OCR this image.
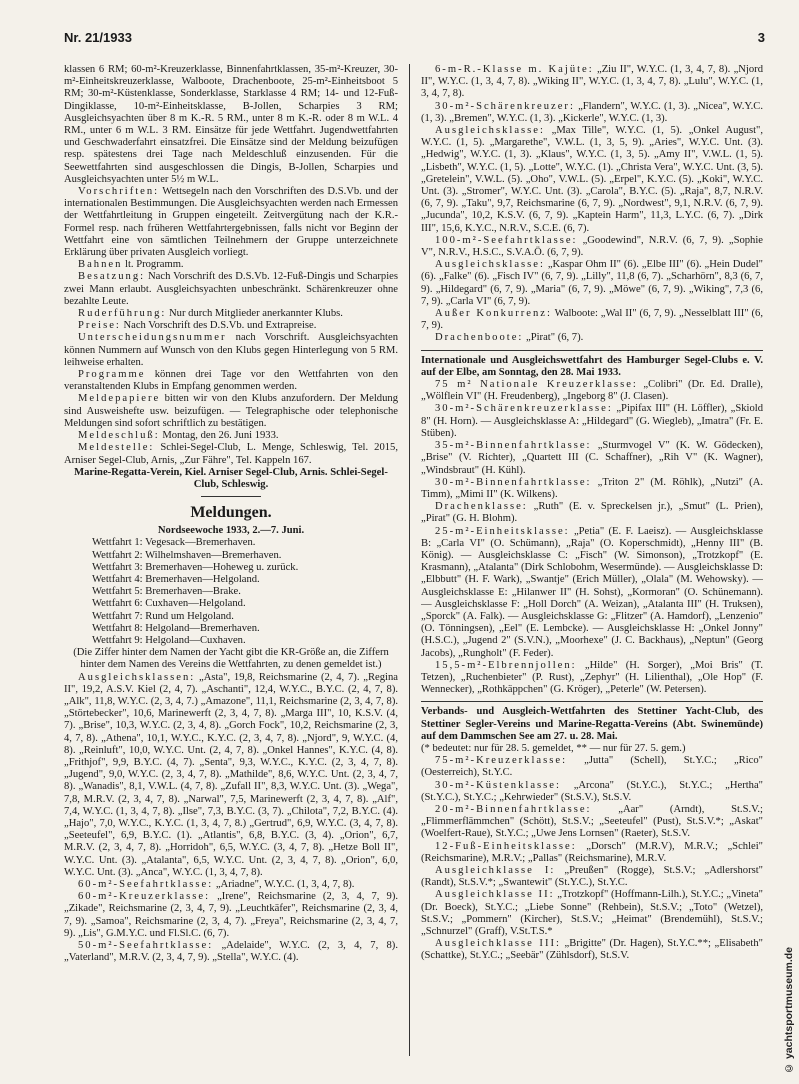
Nr. 21/1933	3

klassen 6 RM; 60-m²-Kreuzerklasse, Binnenfahrtklassen, 35-m²-Kreuzer, 30-m²-Einheitskreuzerklasse, Walboote, Drachenboote, 25-m²-Einheitsboot 5 RM; 30-m²-Küstenklasse, Sonderklasse, Starklasse 4 RM; 14- und 12-Fuß-Dingiklasse, 10-m²-Einheitsklasse, B-Jollen, Scharpies 3 RM; Ausgleichsyachten über 8 m K.-R. 5 RM., unter 8 m K.-R. oder 8 m W.L. 4 RM., unter 6 m W.L. 3 RM. Einsätze für jede Wettfahrt. Jugendwettfahrten und Geschwaderfahrt einsatzfrei. Die Einsätze sind der Meldung beizufügen resp. spätestens drei Tage nach Meldeschluß einzusenden. Für die Seewettfahrten sind ausgeschlossen die Dingis, B-Jollen, Scharpies und Ausgleichsyachten unter 5½ m W.L.

Vorschriften: Wettsegeln nach den Vorschriften des D.S.Vb. und der internationalen Bestimmungen. Die Ausgleichsyachten werden nach Ermessen der Wettfahrtleitung in Gruppen eingeteilt. Zeitvergütung nach der K.R.-Formel resp. nach früheren Wettfahrtergebnissen, falls nicht vor Beginn der Wettfahrt eine von sämtlichen Teilnehmern der Gruppe unterzeichnete Erklärung über privaten Ausgleich vorliegt.

Bahnen lt. Programm.

Besatzung: Nach Vorschrift des D.S.Vb. 12-Fuß-Dingis und Scharpies zwei Mann erlaubt. Ausgleichsyachten unbeschränkt. Schärenkreuzer ohne bezahlte Leute.

Ruderführung: Nur durch Mitglieder anerkannter Klubs.

Preise: Nach Vorschrift des D.S.Vb. und Extrapreise.

Unterscheidungsnummer nach Vorschrift. Ausgleichsyachten können Nummern auf Wunsch von den Klubs gegen Hinterlegung von 5 RM. leihweise erhalten.

Programme können drei Tage vor den Wettfahrten von den veranstaltenden Klubs in Empfang genommen werden.

Meldepapiere bitten wir von den Klubs anzufordern. Der Meldung sind Ausweishefte usw. beizufügen. — Telegraphische oder telephonische Meldungen sind sofort schriftlich zu bestätigen.

Meldeschluß: Montag, den 26. Juni 1933.

Meldestelle: Schlei-Segel-Club, L. Menge, Schleswig, Tel. 2015, Arniser Segel-Club, Arnis, „Zur Fähre", Tel. Kappeln 167.

Marine-Regatta-Verein, Kiel. Arniser Segel-Club, Arnis. Schlei-Segel-Club, Schleswig.

Meldungen.

Nordseewoche 1933, 2.—7. Juni.

Wettfahrt 1: Vegesack—Bremerhaven.
Wettfahrt 2: Wilhelmshaven—Bremerhaven.
Wettfahrt 3: Bremerhaven—Hoheweg u. zurück.
Wettfahrt 4: Bremerhaven—Helgoland.
Wettfahrt 5: Bremerhaven—Brake.
Wettfahrt 6: Cuxhaven—Helgoland.
Wettfahrt 7: Rund um Helgoland.
Wettfahrt 8: Helgoland—Bremerhaven.
Wettfahrt 9: Helgoland—Cuxhaven.

(Die Ziffer hinter dem Namen der Yacht gibt die KR-Größe an, die Ziffern hinter dem Namen des Vereins die Wettfahrten, zu denen gemeldet ist.)

Ausgleichsklassen: „Asta", 19,8, Reichsmarine (2, 4, 7). „Regina II", 19,2, A.S.V. Kiel (2, 4, 7). „Aschanti", 12,4, W.Y.C., B.Y.C. (2, 4, 7, 8). „Alk", 11,8, W.Y.C. (2, 3, 4, 7.) „Amazone", 11,1, Reichsmarine (2, 3, 4, 7, 8). „Störtebecker", 10,6, Marinewerft (2, 3, 4, 7, 8). „Marga III", 10, K.S.V. (4, 7). „Brise", 10,3, W.Y.C. (2, 3, 4, 8). „Gorch Fock", 10,2, Reichsmarine (2, 3, 4, 7, 8). „Athena", 10,1, W.Y.C., K.Y.C. (2, 3, 4, 7, 8). „Njord", 9, W.Y.C. (4, 8). „Reinluft", 10,0, W.Y.C. Unt. (2, 4, 7, 8). „Onkel Hannes", K.Y.C. (4, 8). „Frithjof", 9,9, B.Y.C. (4, 7). „Senta", 9,3, W.Y.C., K.Y.C. (2, 3, 4, 7, 8). „Jugend", 9,0, W.Y.C. (2, 3, 4, 7, 8). „Mathilde", 8,6, W.Y.C. Unt. (2, 3, 4, 7, 8). „Wanadis", 8,1, V.W.L. (4, 7, 8). „Zufall II", 8,3, W.Y.C. Unt. (3). „Wega", 7,8, M.R.V. (2, 3, 4, 7, 8). „Narwal", 7,5, Marinewerft (2, 3, 4, 7, 8). „Alf", 7,4, W.Y.C. (1, 3, 4, 7, 8). „Ilse", 7,3, B.Y.C. (3, 7). „Chilota", 7,2, B.Y.C. (4). „Hajo", 7,0, W.Y.C., K.Y.C. (1, 3, 4, 7, 8.) „Gertrud", 6,9, W.Y.C. (3, 4, 7, 8). „Seeteufel", 6,9, B.Y.C. (1). „Atlantis", 6,8, B.Y.C. (3, 4). „Orion", 6,7, M.R.V. (2, 3, 4, 7, 8). „Horridoh", 6,5, W.Y.C. (3, 4, 7, 8). „Hetze Boll II", W.Y.C. Unt. (3). „Atalanta", 6,5, W.Y.C. Unt. (2, 3, 4, 7, 8). „Orion", 6,0, W.Y.C. Unt. (3). „Anca", W.Y.C. (1, 3, 4, 7, 8).

60-m²-Seefahrtklasse: „Ariadne", W.Y.C. (1, 3, 4, 7, 8).

60-m²-Kreuzerklasse: „Irene", Reichsmarine (2, 3, 4, 7, 9). „Zikade", Reichsmarine (2, 3, 4, 7, 9). „Leuchtkäfer", Reichsmarine (2, 3, 4, 7, 9). „Samoa", Reichsmarine (2, 3, 4, 7). „Freya", Reichsmarine (2, 3, 4, 7, 9). „Lis", G.M.Y.C. und Fl.Sl.C. (6, 7).

50-m²-Seefahrtklasse: „Adelaide", W.Y.C. (2, 3, 4, 7, 8). „Vaterland", M.R.V. (2, 3, 4, 7, 9). „Stella", W.Y.C. (4).

6-m-R.-Klasse m. Kajüte: „Ziu II", W.Y.C. (1, 3, 4, 7, 8). „Njord II", W.Y.C. (1, 3, 4, 7, 8). „Wiking II", W.Y.C. (1, 3, 4, 7, 8). „Lulu", W.Y.C. (1, 3, 4, 7, 8).

30-m²-Schärenkreuzer: „Flandern", W.Y.C. (1, 3). „Nicea", W.Y.C. (1, 3). „Bremen", W.Y.C. (1, 3). „Kickerle", W.Y.C. (1, 3).

Ausgleichsklasse: „Max Tille", W.Y.C. (1, 5). „Onkel August", W.Y.C. (1, 5). „Margarethe", V.W.L. (1, 3, 5, 9). „Aries", W.Y.C. Unt. (3). „Hedwig", W.Y.C. (1, 3). „Klaus", W.Y.C. (1, 3, 5). „Amy II", V.W.L. (1, 5). „Lisbeth", W.Y.C. (1, 5). „Lotte", W.Y.C. (1). „Christa Vera", W.Y.C. Unt. (3, 5). „Gretelein", V.W.L. (5). „Oho", V.W.L. (5). „Erpel", K.Y.C. (5). „Koki", W.Y.C. Unt. (3). „Stromer", W.Y.C. Unt. (3). „Carola", B.Y.C. (5). „Raja", 8,7, N.R.V. (6, 7, 9). „Taku", 9,7, Reichsmarine (6, 7, 9). „Nordwest", 9,1, N.R.V. (6, 7, 9). „Jucunda", 10,2, K.S.V. (6, 7, 9). „Kaptein Harm", 11,3, L.Y.C. (6, 7). „Dirk III", 15,6, K.Y.C., N.R.V., S.C.E. (6, 7).

100-m²-Seefahrtklasse: „Goodewind", N.R.V. (6, 7, 9). „Sophie V", N.R.V., H.S.C., S.V.A.Ö. (6, 7, 9).

Ausgleichsklasse: „Kaspar Ohm II" (6). „Elbe III" (6). „Hein Dudel" (6). „Falke" (6). „Fisch IV" (6, 7, 9). „Lilly", 11,8 (6, 7). „Scharhörn", 8,3 (6, 7, 9). „Hildegard" (6, 7, 9). „Maria" (6, 7, 9). „Möwe" (6, 7, 9). „Wiking", 7,3 (6, 7, 9). „Carla VI" (6, 7, 9).

Außer Konkurrenz: Walboote: „Wal II" (6, 7, 9). „Nesselblatt III" (6, 7, 9).

Drachenboote: „Pirat" (6, 7).

Internationale und Ausgleichswettfahrt des Hamburger Segel-Clubs e. V. auf der Elbe, am Sonntag, den 28. Mai 1933.

75 m² Nationale Kreuzerklasse: „Colibri" (Dr. Ed. Dralle), „Wölflein VI" (H. Freudenberg), „Ingeborg 8" (J. Clasen).

30-m²-Schärenkreuzerklasse: „Pipifax III" (H. Löffler), „Skiold 8" (H. Horn). — Ausgleichsklasse A: „Hildegard" (G. Wiegleb), „Imatra" (Fr. E. Stüben).

35-m²-Binnenfahrtklasse: „Sturmvogel V" (K. W. Gödecken), „Brise" (V. Richter), „Quartett III (C. Schaffner), „Rih V" (K. Wagner), „Windsbraut" (H. Kühl).

30-m²-Binnenfahrtklasse: „Triton 2" (M. Röhlk), „Nutzi" (A. Timm), „Mimi II" (K. Wilkens).

Drachenklasse: „Ruth" (E. v. Spreckelsen jr.), „Smut" (L. Prien), „Pirat" (G. H. Blohm).

25-m²-Einheitsklasse: „Petia" (E. F. Laeisz). — Ausgleichsklasse B: „Carla VI" (O. Schümann), „Raja" (O. Koperschmidt), „Henny III" (B. König). — Ausgleichsklasse C: „Fisch" (W. Simonson), „Trotzkopf" (E. Krasmann), „Atalanta" (Dirk Schlobohm, Wesermünde). — Ausgleichsklasse D: „Elbbutt" (H. F. Wark), „Swantje" (Erich Müller), „Olala" (M. Wehowsky). — Ausgleichsklasse E: „Hilanwer II" (H. Sohst), „Kormoran" (O. Schünemann). — Ausgleichsklasse F: „Holl Dorch" (A. Weizan), „Atalanta III" (H. Truksen), „Sporck" (A. Falk). — Ausgleichsklasse G: „Flitzer" (A. Hamdorf), „Lenzenio" (O. Tönningsen), „Eel" (E. Lembcke). — Ausgleichsklasse H: „Onkel Jonny" (H.S.C.), „Jugend 2" (S.V.N.), „Moorhexe" (J. C. Backhaus), „Neptun" (Georg Jacobs), „Rungholt" (F. Feder).

15,5-m²-Elbrennjollen: „Hilde" (H. Sorger), „Moi Bris" (T. Tetzen), „Ruchenbieter" (P. Rust), „Zephyr" (H. Lilienthal), „Ole Hop" (F. Wennecker), „Rothkäppchen" (G. Kröger), „Peterle" (W. Petersen).

Verbands- und Ausgleich-Wettfahrten des Stettiner Yacht-Club, des Stettiner Segler-Vereins und Marine-Regatta-Vereins (Abt. Swinemünde) auf dem Dammschen See am 27. u. 28. Mai.

(* bedeutet: nur für 28. 5. gemeldet, ** — nur für 27. 5. gem.)

75-m²-Kreuzerklasse: „Jutta" (Schell), St.Y.C.; „Rico" (Oesterreich), St.Y.C.

30-m²-Küstenklasse: „Arcona" (St.Y.C.), St.Y.C.; „Hertha" (St.Y.C.), St.Y.C.; „Kehrwieder" (St.S.V.), St.S.V.

20-m²-Binnenfahrtklasse: „Aar" (Arndt), St.S.V.; „Flimmerflämmchen" (Schött), St.S.V.; „Seeteufel" (Pust), St.S.V.*; „Askat" (Woelfert-Raue), St.Y.C.; „Uwe Jens Lornsen" (Raeter), St.S.V.

12-Fuß-Einheitsklasse: „Dorsch" (M.R.V), M.R.V.; „Schlei" (Reichsmarine), M.R.V.; „Pallas" (Reichsmarine), M.R.V.

Ausgleichklasse I: „Preußen" (Rogge), St.S.V.; „Adlershorst" (Randt), St.S.V.*; „Swantewit" (St.Y.C.), St.Y.C.

Ausgleichklasse II: „Trotzkopf" (Hoffmann-Lilh.), St.Y.C.; „Vineta" (Dr. Boeck), St.Y.C.; „Liebe Sonne" (Rehbein), St.S.V.; „Toto" (Wetzel), St.S.V.; „Pommern" (Kircher), St.S.V.; „Heimat" (Brendemühl), St.S.V.; „Schnurzel" (Graff), V.St.T.S.*

Ausgleichklasse III: „Brigitte" (Dr. Hagen), St.Y.C.**; „Elisabeth" (Schattke), St.Y.C.; „Seebär" (Zühlsdorf), St.S.V.	© yachtsportmuseum.de
